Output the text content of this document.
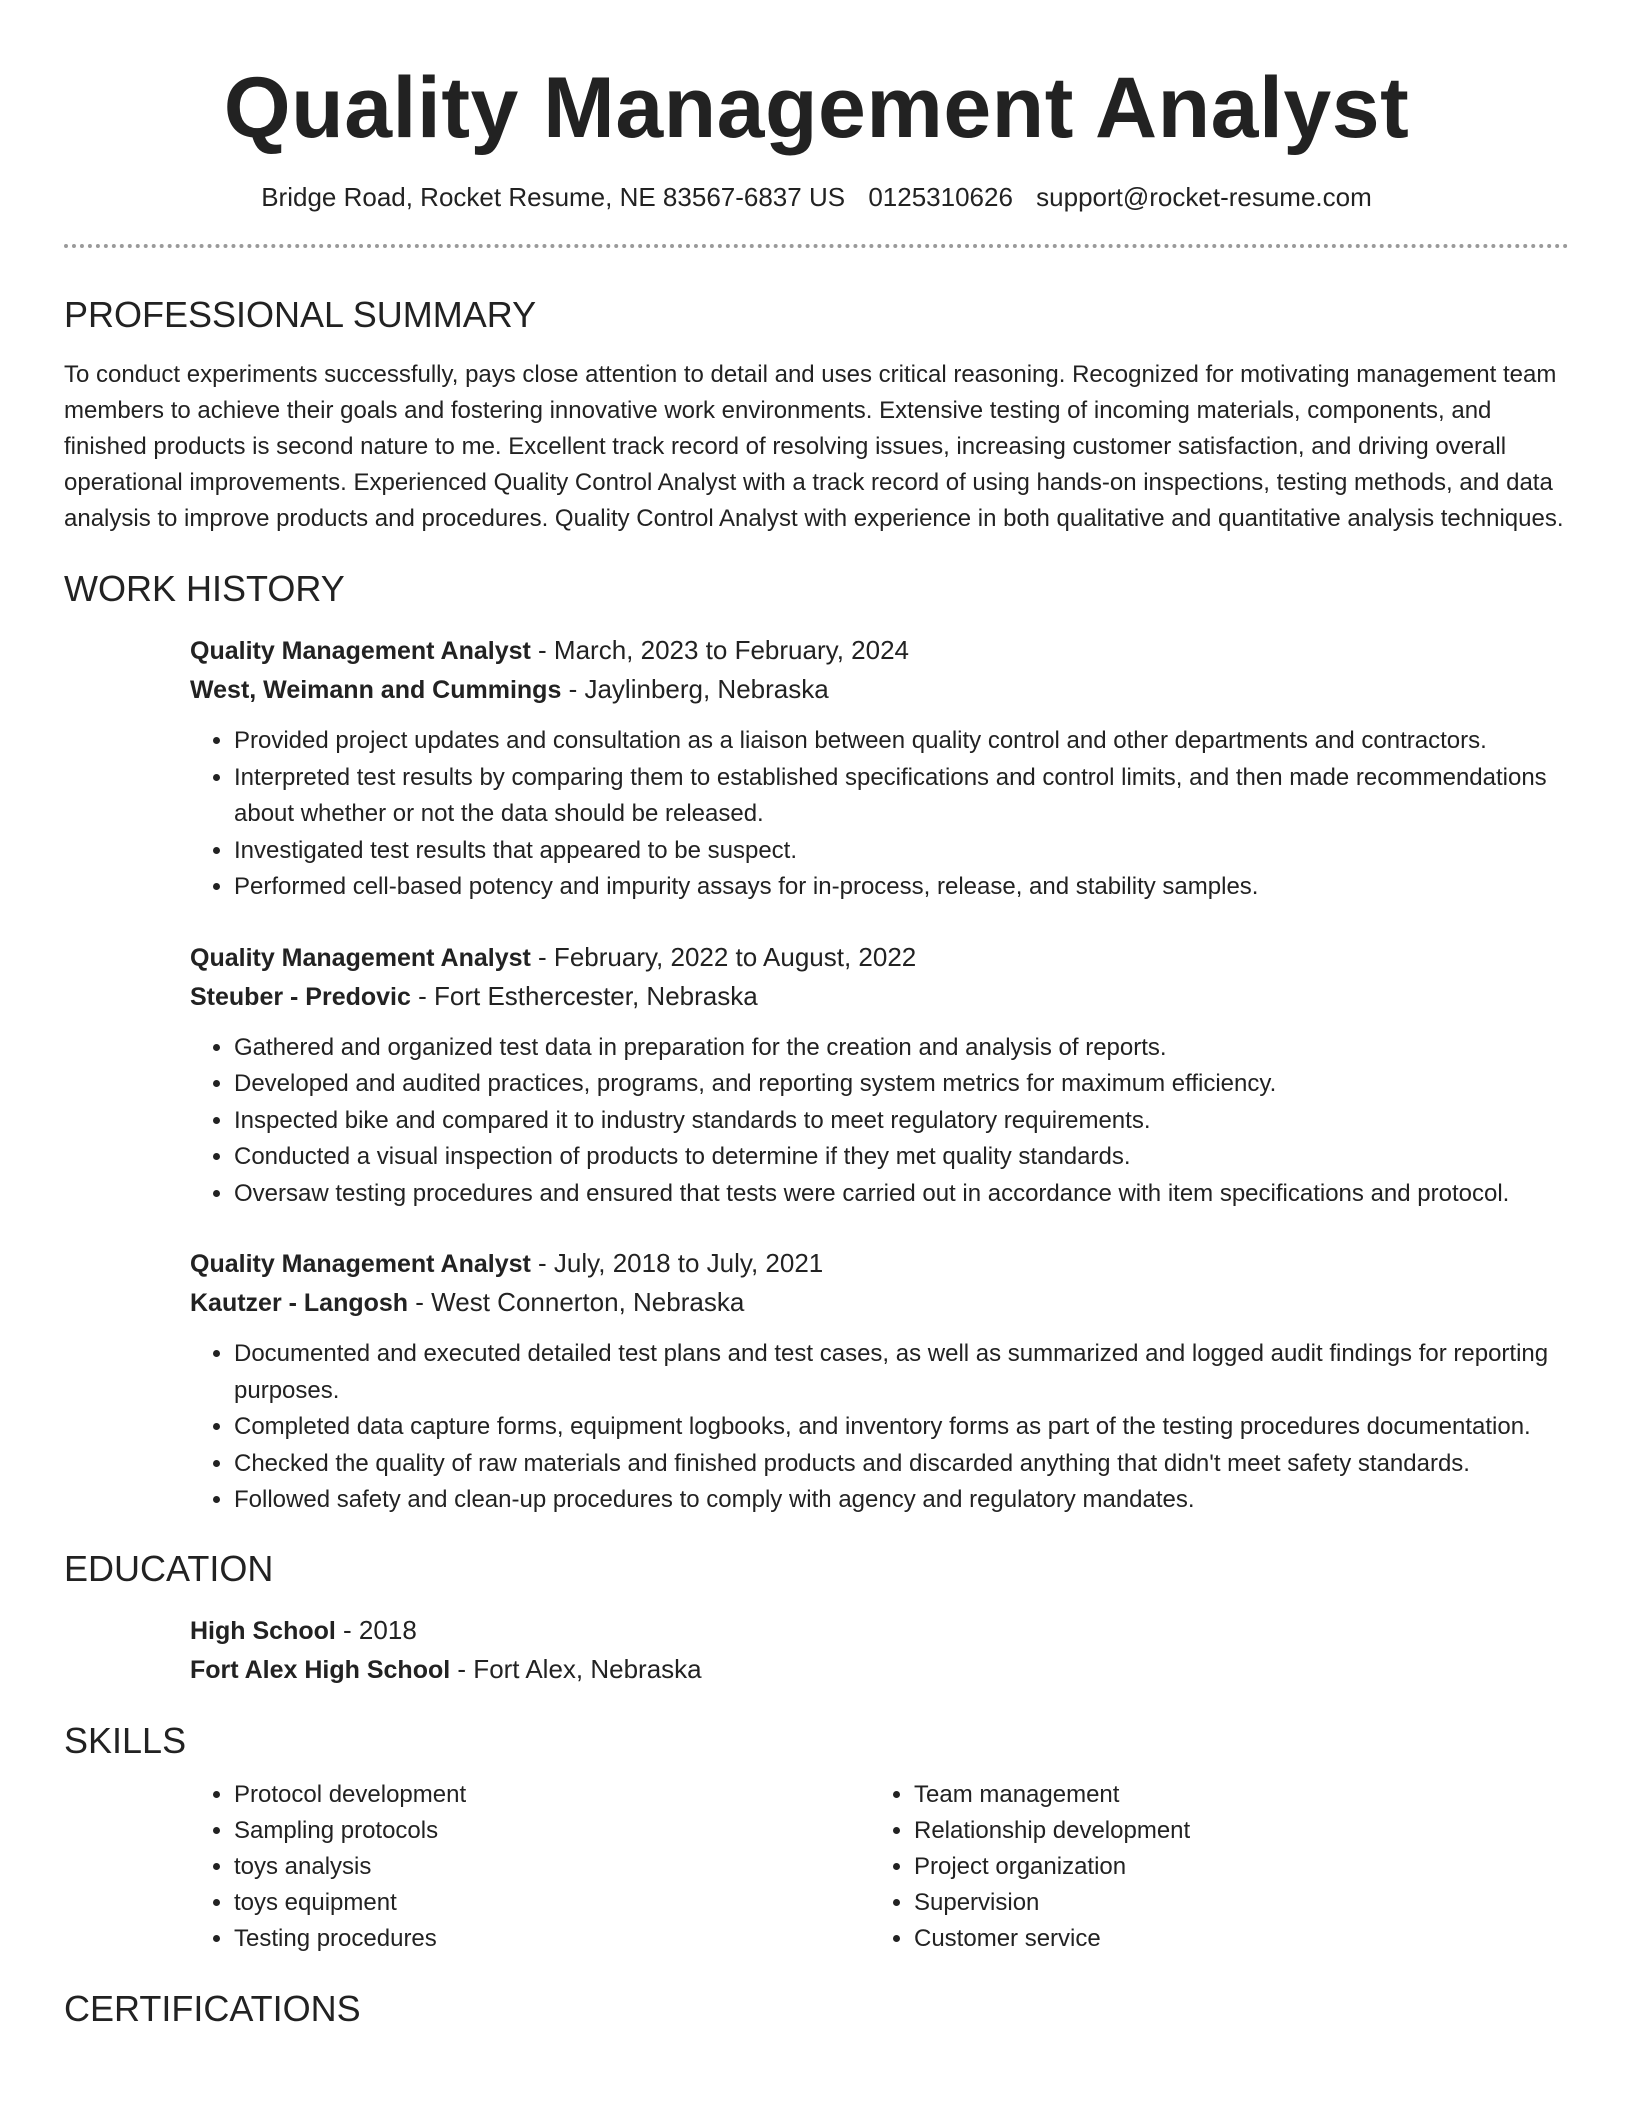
Quality Management Analyst
Bridge Road, Rocket Resume, NE 83567-6837 US 0125310626 support@rocket-resume.com
PROFESSIONAL SUMMARY

To conduct experiments successfully, pays close attention to detail and uses critical reasoning. Recognized for motivating management team members to achieve their goals and fostering innovative work environments. Extensive testing of incoming materials, components, and finished products is second nature to me. Excellent track record of resolving issues, increasing customer satisfaction, and driving overall operational improvements. Experienced Quality Control Analyst with a track record of using hands-on inspections, testing methods, and data analysis to improve products and procedures. Quality Control Analyst with experience in both qualitative and quantitative analysis techniques.

WORK HISTORY

Quality Management Analyst - March, 2023 to February, 2024

West, Weimann and Cummings - Jaylinberg, Nebraska

• Provided project updates and consultation as a liaison between quality control and other departments and contractors.
• Interpreted test results by comparing them to established specifications and control limits, and then made recommendations about whether or not the data should be released.
• Investigated test results that appeared to be suspect.
• Performed cell-based potency and impurity assays for in-process, release, and stability samples.

Quality Management Analyst - February, 2022 to August, 2022

Steuber - Predovic - Fort Esthercester, Nebraska

• Gathered and organized test data in preparation for the creation and analysis of reports.
• Developed and audited practices, programs, and reporting system metrics for maximum efficiency.
• Inspected bike and compared it to industry standards to meet regulatory requirements.
• Conducted a visual inspection of products to determine if they met quality standards.
• Oversaw testing procedures and ensured that tests were carried out in accordance with item specifications and protocol.

Quality Management Analyst - July, 2018 to July, 2021

Kautzer - Langosh - West Connerton, Nebraska

• Documented and executed detailed test plans and test cases, as well as summarized and logged audit findings for reporting purposes.
• Completed data capture forms, equipment logbooks, and inventory forms as part of the testing procedures documentation.
• Checked the quality of raw materials and finished products and discarded anything that didn't meet safety standards.
• Followed safety and clean-up procedures to comply with agency and regulatory mandates.
EDUCATION

High School - 2018

Fort Alex High School - Fort Alex, Nebraska

SKILLS
• Protocol development
• Sampling protocols
• toys analysis
• toys equipment
• Testing procedures
• Team management
• Relationship development
• Project organization
• Supervision
• Customer service
CERTIFICATIONS
